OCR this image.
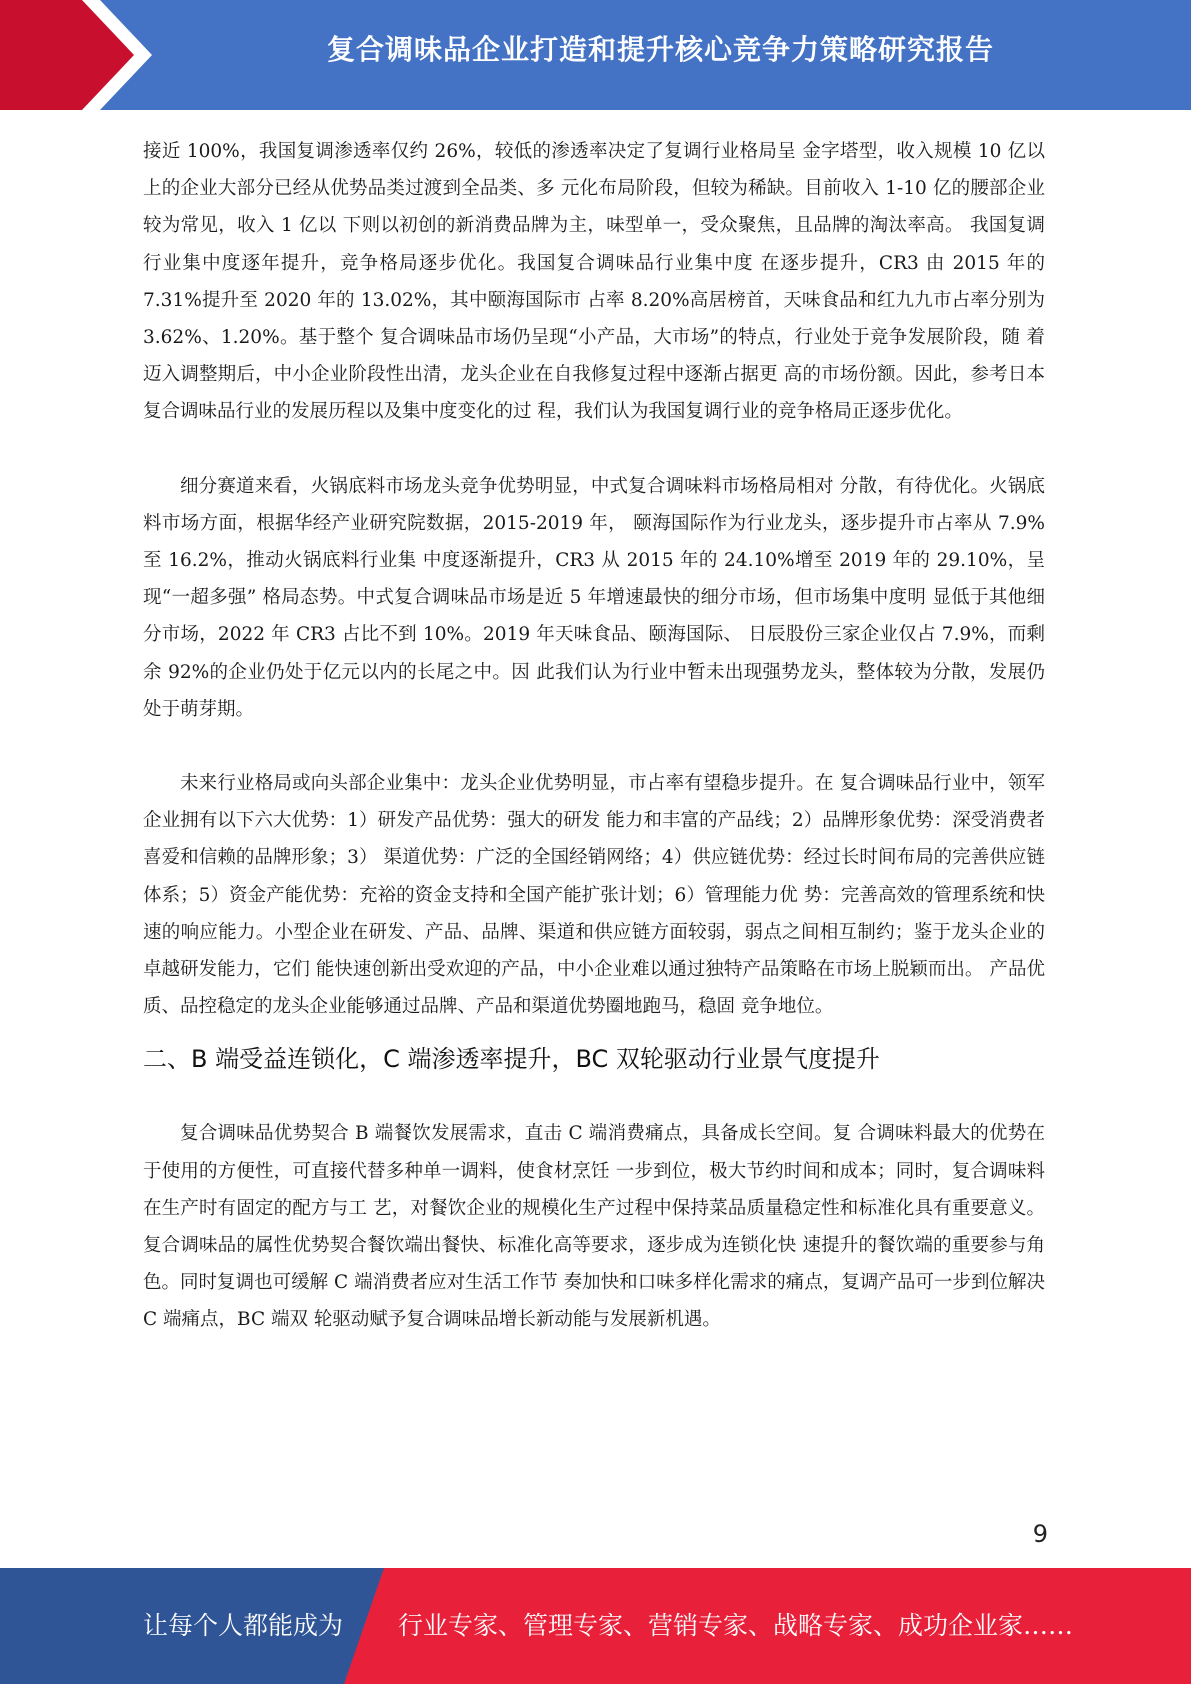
复合调味品企业打造和提升核心竞争力策略研究报告

接近 100%，我国复调渗透率仅约 26%，较低的渗透率决定了复调行业格局呈 金字塔型，收入规模 10 亿以上的企业大部分已经从优势品类过渡到全品类、多 元化布局阶段，但较为稀缺。目前收入 1-10 亿的腰部企业较为常见，收入 1 亿以 下则以初创的新消费品牌为主，味型单一，受众聚焦，且品牌的淘汰率高。 我国复调行业集中度逐年提升，竞争格局逐步优化。我国复合调味品行业集中度 在逐步提升，CR3 由 2015 年的 7.31%提升至 2020 年的 13.02%，其中颐海国际市 占率 8.20%高居榜首，天味食品和红九九市占率分别为 3.62%、1.20%。基于整个 复合调味品市场仍呈现“小产品，大市场”的特点，行业处于竞争发展阶段，随 着迈入调整期后，中小企业阶段性出清，龙头企业在自我修复过程中逐渐占据更 高的市场份额。因此，参考日本复合调味品行业的发展历程以及集中度变化的过 程，我们认为我国复调行业的竞争格局正逐步优化。

细分赛道来看，火锅底料市场龙头竞争优势明显，中式复合调味料市场格局相对 分散，有待优化。火锅底料市场方面，根据华经产业研究院数据，2015-2019 年， 颐海国际作为行业龙头，逐步提升市占率从 7.9%至 16.2%，推动火锅底料行业集 中度逐渐提升，CR3 从 2015 年的 24.10%增至 2019 年的 29.10%，呈现“一超多强” 格局态势。中式复合调味品市场是近 5 年增速最快的细分市场，但市场集中度明 显低于其他细分市场，2022 年 CR3 占比不到 10%。2019 年天味食品、颐海国际、 日辰股份三家企业仅占 7.9%，而剩余 92%的企业仍处于亿元以内的长尾之中。因 此我们认为行业中暂未出现强势龙头，整体较为分散，发展仍处于萌芽期。

未来行业格局或向头部企业集中：龙头企业优势明显，市占率有望稳步提升。在 复合调味品行业中，领军企业拥有以下六大优势：1）研发产品优势：强大的研发 能力和丰富的产品线；2）品牌形象优势：深受消费者喜爱和信赖的品牌形象；3） 渠道优势：广泛的全国经销网络；4）供应链优势：经过长时间布局的完善供应链 体系；5）资金产能优势：充裕的资金支持和全国产能扩张计划；6）管理能力优 势：完善高效的管理系统和快速的响应能力。小型企业在研发、产品、品牌、渠道和供应链方面较弱，弱点之间相互制约；鉴于龙头企业的卓越研发能力，它们 能快速创新出受欢迎的产品，中小企业难以通过独特产品策略在市场上脱颖而出。 产品优质、品控稳定的龙头企业能够通过品牌、产品和渠道优势圈地跑马，稳固 竞争地位。

二、B 端受益连锁化，C 端渗透率提升，BC 双轮驱动行业景气度提升

复合调味品优势契合 B 端餐饮发展需求，直击 C 端消费痛点，具备成长空间。复 合调味料最大的优势在于使用的方便性，可直接代替多种单一调料，使食材烹饪 一步到位，极大节约时间和成本；同时，复合调味料在生产时有固定的配方与工 艺，对餐饮企业的规模化生产过程中保持菜品质量稳定性和标准化具有重要意义。 复合调味品的属性优势契合餐饮端出餐快、标准化高等要求，逐步成为连锁化快 速提升的餐饮端的重要参与角色。同时复调也可缓解 C 端消费者应对生活工作节 奏加快和口味多样化需求的痛点，复调产品可一步到位解决 C 端痛点，BC 端双 轮驱动赋予复合调味品增长新动能与发展新机遇。

9
让每个人都能成为 行业专家、管理专家、营销专家、战略专家、成功企业家……
